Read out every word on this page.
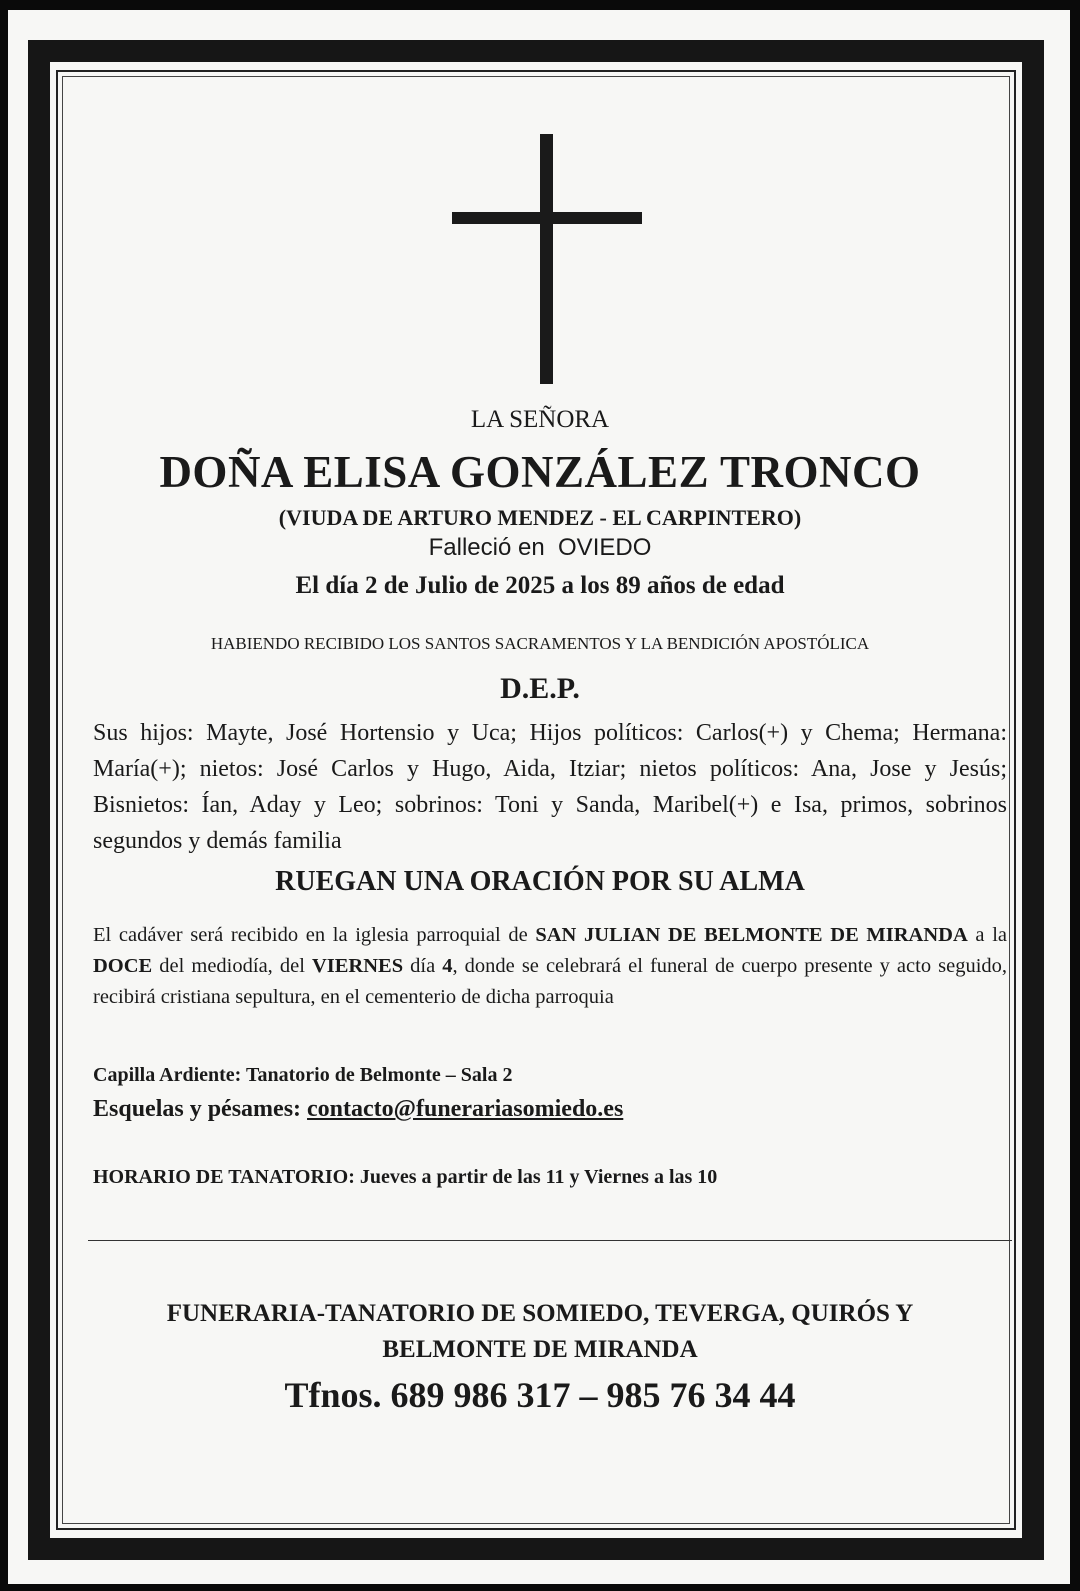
LA SEÑORA

DOÑA ELISA GONZÁLEZ TRONCO

(VIUDA DE ARTURO MENDEZ - EL CARPINTERO)

Falleció en OVIEDO

El día 2 de Julio de 2025 a los 89 años de edad

HABIENDO RECIBIDO LOS SANTOS SACRAMENTOS Y LA BENDICIÓN APOSTÓLICA

D.E.P.

Sus hijos: Mayte, José Hortensio y Uca; Hijos políticos: Carlos(+) y Chema; Hermana: María(+); nietos: José Carlos y Hugo, Aida, Itziar; nietos políticos: Ana, Jose y Jesús; Bisnietos: Ían, Aday y Leo; sobrinos: Toni y Sanda, Maribel(+) e Isa, primos, sobrinos segundos y demás familia

RUEGAN UNA ORACIÓN POR SU ALMA

El cadáver será recibido en la iglesia parroquial de SAN JULIAN DE BELMONTE DE MIRANDA a la DOCE del mediodía, del VIERNES día 4, donde se celebrará el funeral de cuerpo presente y acto seguido, recibirá cristiana sepultura, en el cementerio de dicha parroquia

Capilla Ardiente: Tanatorio de Belmonte – Sala 2

Esquelas y pésames: contacto@funerariasomiedo.es

HORARIO DE TANATORIO: Jueves a partir de las 11 y Viernes a las 10

FUNERARIA-TANATORIO DE SOMIEDO, TEVERGA, QUIRÓS Y

BELMONTE DE MIRANDA

Tfnos. 689 986 317 – 985 76 34 44
